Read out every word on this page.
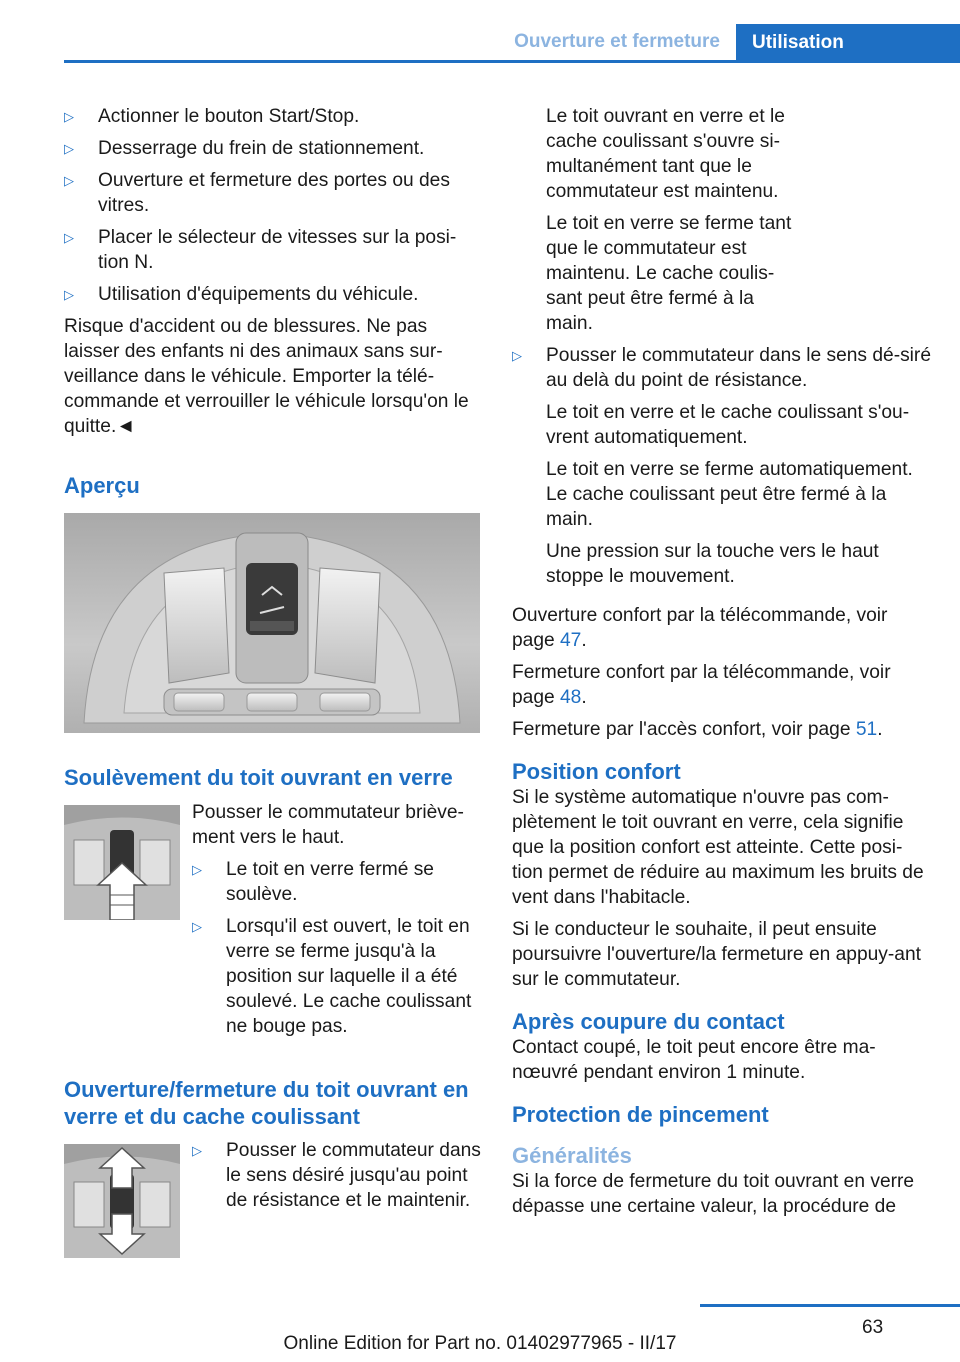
Ouverture et fermeture	Utilisation
▷ Actionner le bouton Start/Stop.
▷ Desserrage du frein de stationnement.
▷ Ouverture et fermeture des portes ou des vitres.
▷ Placer le sélecteur de vitesses sur la posi‐tion N.
▷ Utilisation d'équipements du véhicule.

Risque d'accident ou de blessures. Ne pas laisser des enfants ni des animaux sans sur‐veillance dans le véhicule. Emporter la télé‐commande et verrouiller le véhicule lorsqu'on le quitte.◄

Aperçu
Soulèvement du toit ouvrant en verre

Pousser le commutateur briève‐ment vers le haut.

▷ Le toit en verre fermé se soulève.
▷ Lorsqu'il est ouvert, le toit en verre se ferme jusqu'à la position sur laquelle il a été soulevé. Le cache coulissant ne bouge pas.
Ouverture/fermeture du toit ouvrant en verre et du cache coulissant
▷ Pousser le commutateur dans le sens désiré jusqu'au point de résistance et le maintenir.
Le toit ouvrant en verre et le cache coulissant s'ouvre si‐multanément tant que le commutateur est maintenu.
Le toit en verre se ferme tant que le commutateur est maintenu. Le cache coulis‐sant peut être fermé à la main.
▷ Pousser le commutateur dans le sens dé‐siré au delà du point de résistance.
Le toit en verre et le cache coulissant s'ou‐vrent automatiquement.
Le toit en verre se ferme automatiquement. Le cache coulissant peut être fermé à la main.
Une pression sur la touche vers le haut stoppe le mouvement.

Ouverture confort par la télécommande, voir page 47.

Fermeture confort par la télécommande, voir page 48.

Fermeture par l'accès confort, voir page 51.

Position confort

Si le système automatique n'ouvre pas com‐plètement le toit ouvrant en verre, cela signifie que la position confort est atteinte. Cette posi‐tion permet de réduire au maximum les bruits de vent dans l'habitacle.

Si le conducteur le souhaite, il peut ensuite poursuivre l'ouverture/la fermeture en appuy‐ant sur le commutateur.

Après coupure du contact

Contact coupé, le toit peut encore être ma‐nœuvré pendant environ 1 minute.

Protection de pincement
Généralités

Si la force de fermeture du toit ouvrant en verre dépasse une certaine valeur, la procédure de

63
Online Edition for Part no. 01402977965 - II/17
